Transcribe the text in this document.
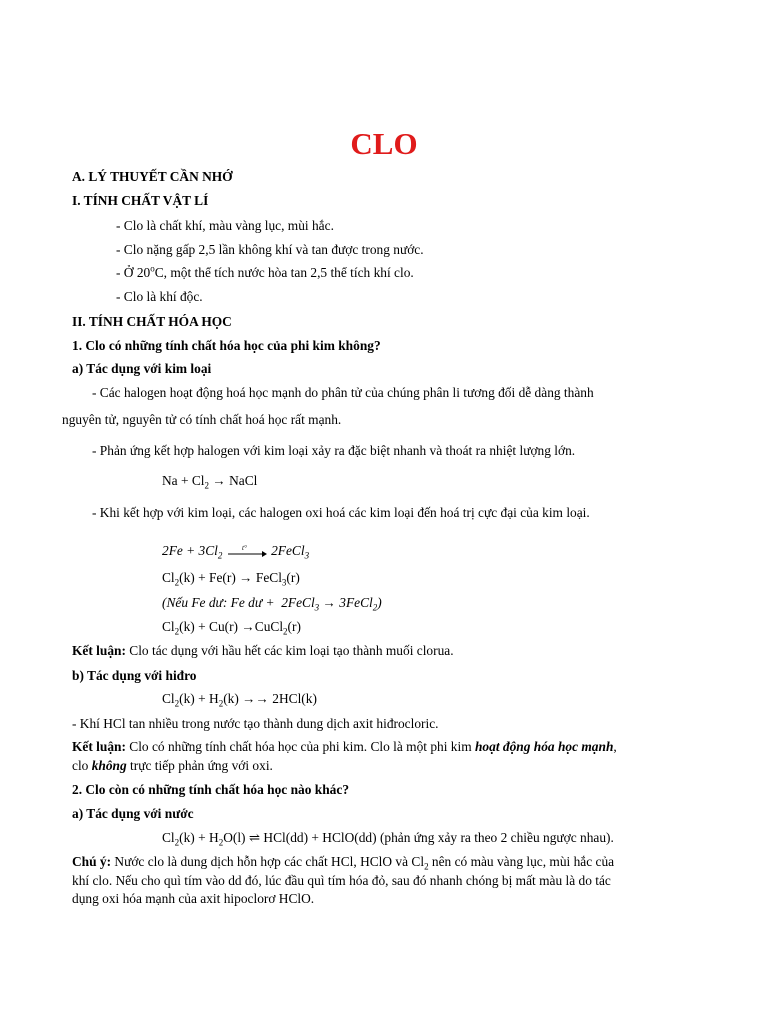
CLO
A. LÝ THUYẾT CẦN NHỚ
I. TÍNH CHẤT VẬT LÍ
- Clo là chất khí, màu vàng lục, mùi hắc.
- Clo nặng gấp 2,5 lần không khí và tan được trong nước.
- Ở 20$^o$C, một thể tích nước hòa tan 2,5 thể tích khí clo.
- Clo là khí độc.
II. TÍNH CHẤT HÓA HỌC
1. Clo có những tính chất hóa học của phi kim không?
a) Tác dụng với kim loại
- Các halogen hoạt động hoá học mạnh do phân tử của chúng phân li tương đối dễ dàng thành
nguyên tử, nguyên tử có tính chất hoá học rất mạnh.
- Phản ứng kết hợp halogen với kim loại xảy ra đặc biệt nhanh và thoát ra nhiệt lượng lớn.
$Na + Cl_2$ → NaCl
- Khi kết hợp với kim loại, các halogen oxi hoá các kim loại đến hoá trị cực đại của kim loại.
$2Fe + 3Cl_2$
t° 2FeCl$_3$
$Cl_2(k) + Fe(r)$ → FeCl$_3$(r)
(Nếu Fe dư: Fe dư +  2FeCl$_3$ → 3FeCl$_2$)
$Cl_2(k) + Cu(r)$ →CuCl$_2$(r)
Kết luận: Clo tác dụng với hầu hết các kim loại tạo thành muối clorua.
b) Tác dụng với hiđro
$Cl_2(k) + H_2(k) \to\to 2HCl(k)$
- Khí HCl tan nhiều trong nước tạo thành dung dịch axit hiđrocloric.
Kết luận: Clo có những tính chất hóa học của phi kim. Clo là một phi kim hoạt động hóa học mạnh,
clo không trực tiếp phản ứng với oxi.
2. Clo còn có những tính chất hóa học nào khác?
a) Tác dụng với nước
$Cl_2(k) + H_2O(l)$ ⇌ HCl(dd) + HClO(dd) (phản ứng xảy ra theo 2 chiều ngược nhau).
Chú ý: Nước clo là dung dịch hỗn hợp các chất HCl, HClO và $Cl_2$ nên có màu vàng lục, mùi hắc của
khí clo. Nếu cho quì tím vào dd đó, lúc đầu quì tím hóa đỏ, sau đó nhanh chóng bị mất màu là do tác
dụng oxi hóa mạnh của axit hipoclorơ HClO.
